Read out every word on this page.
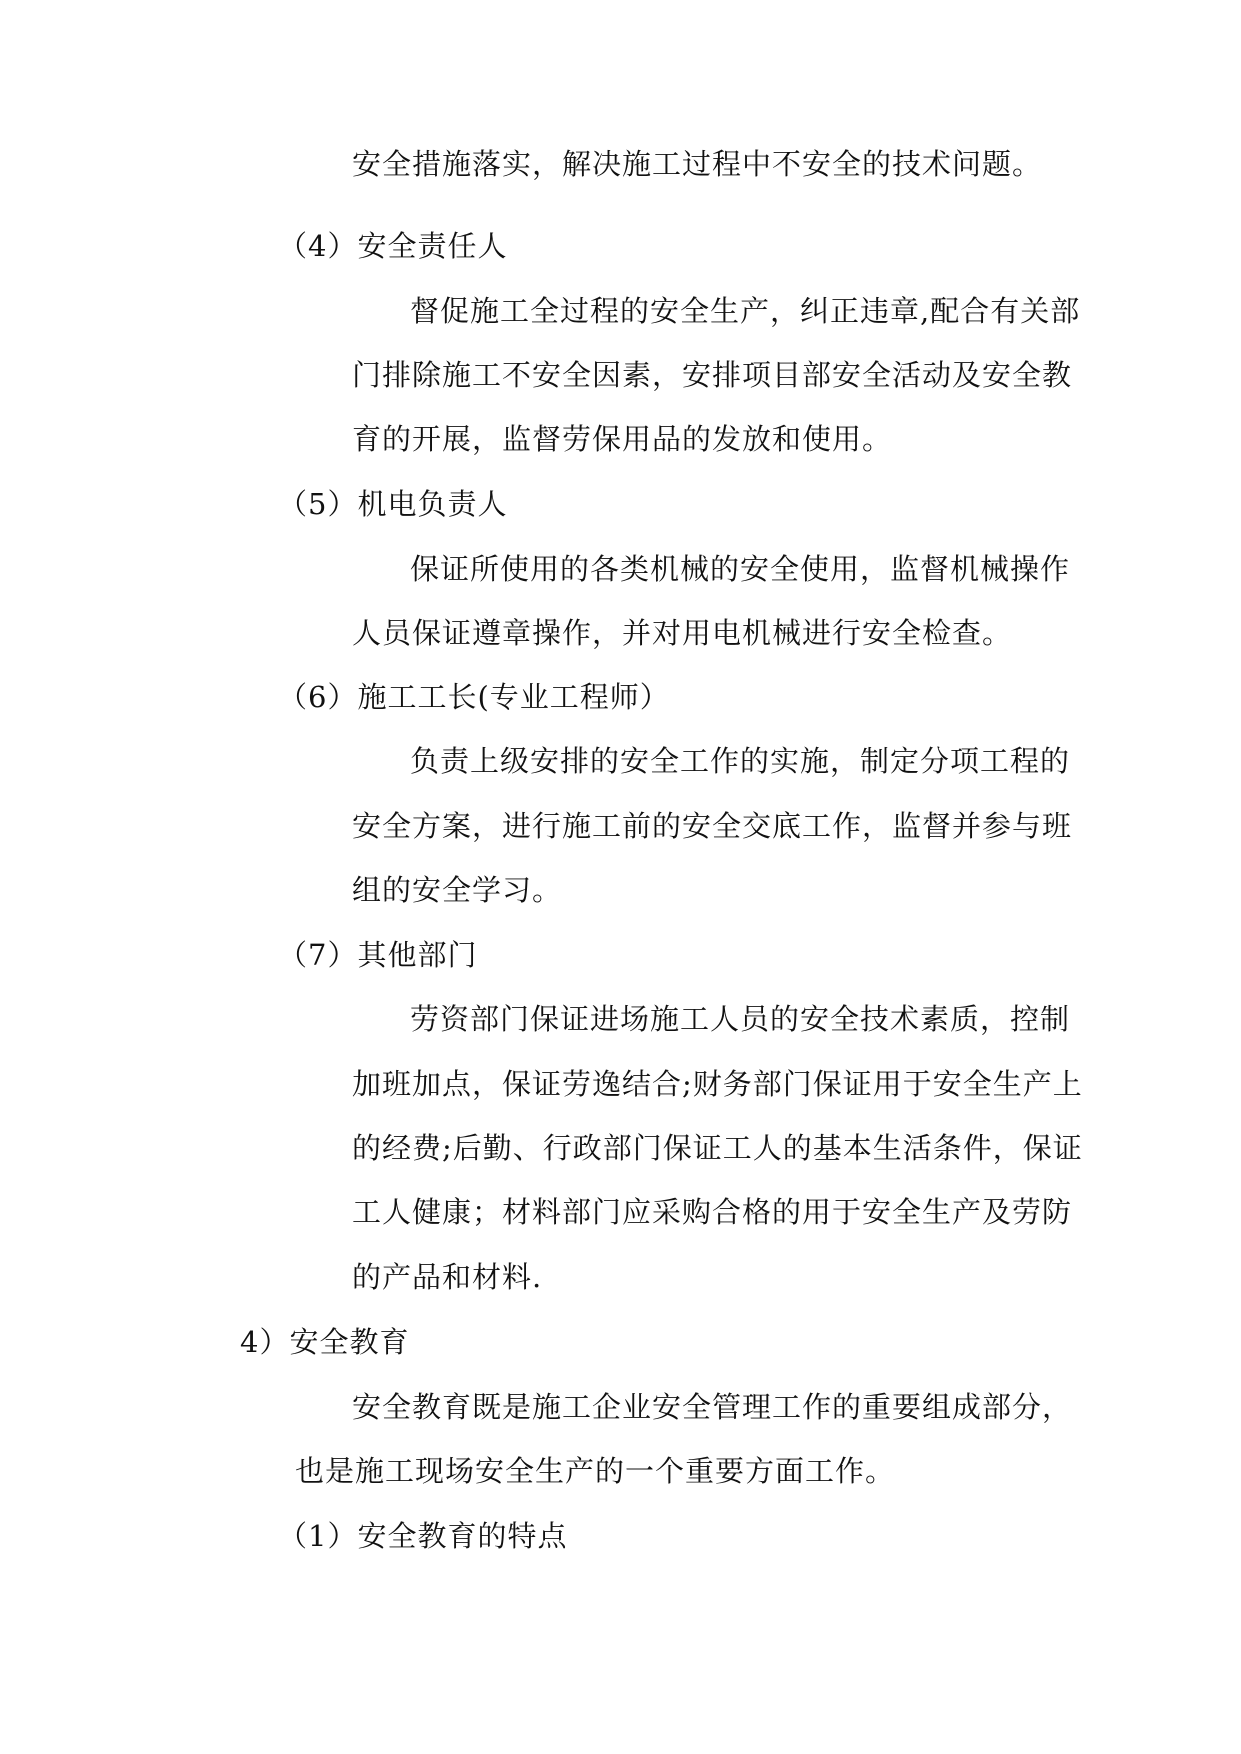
安全措施落实，解决施工过程中不安全的技术问题。
（4）安全责任人
督促施工全过程的安全生产，纠正违章,配合有关部
门排除施工不安全因素，安排项目部安全活动及安全教
育的开展，监督劳保用品的发放和使用。
（5）机电负责人
保证所使用的各类机械的安全使用，监督机械操作
人员保证遵章操作，并对用电机械进行安全检查。
（6）施工工长(专业工程师）
负责上级安排的安全工作的实施，制定分项工程的
安全方案，进行施工前的安全交底工作，监督并参与班
组的安全学习。
（7）其他部门
劳资部门保证进场施工人员的安全技术素质，控制
加班加点，保证劳逸结合;财务部门保证用于安全生产上
的经费;后勤、行政部门保证工人的基本生活条件，保证
工人健康；材料部门应采购合格的用于安全生产及劳防
的产品和材料.
4）安全教育
安全教育既是施工企业安全管理工作的重要组成部分，
也是施工现场安全生产的一个重要方面工作。
（1）安全教育的特点
